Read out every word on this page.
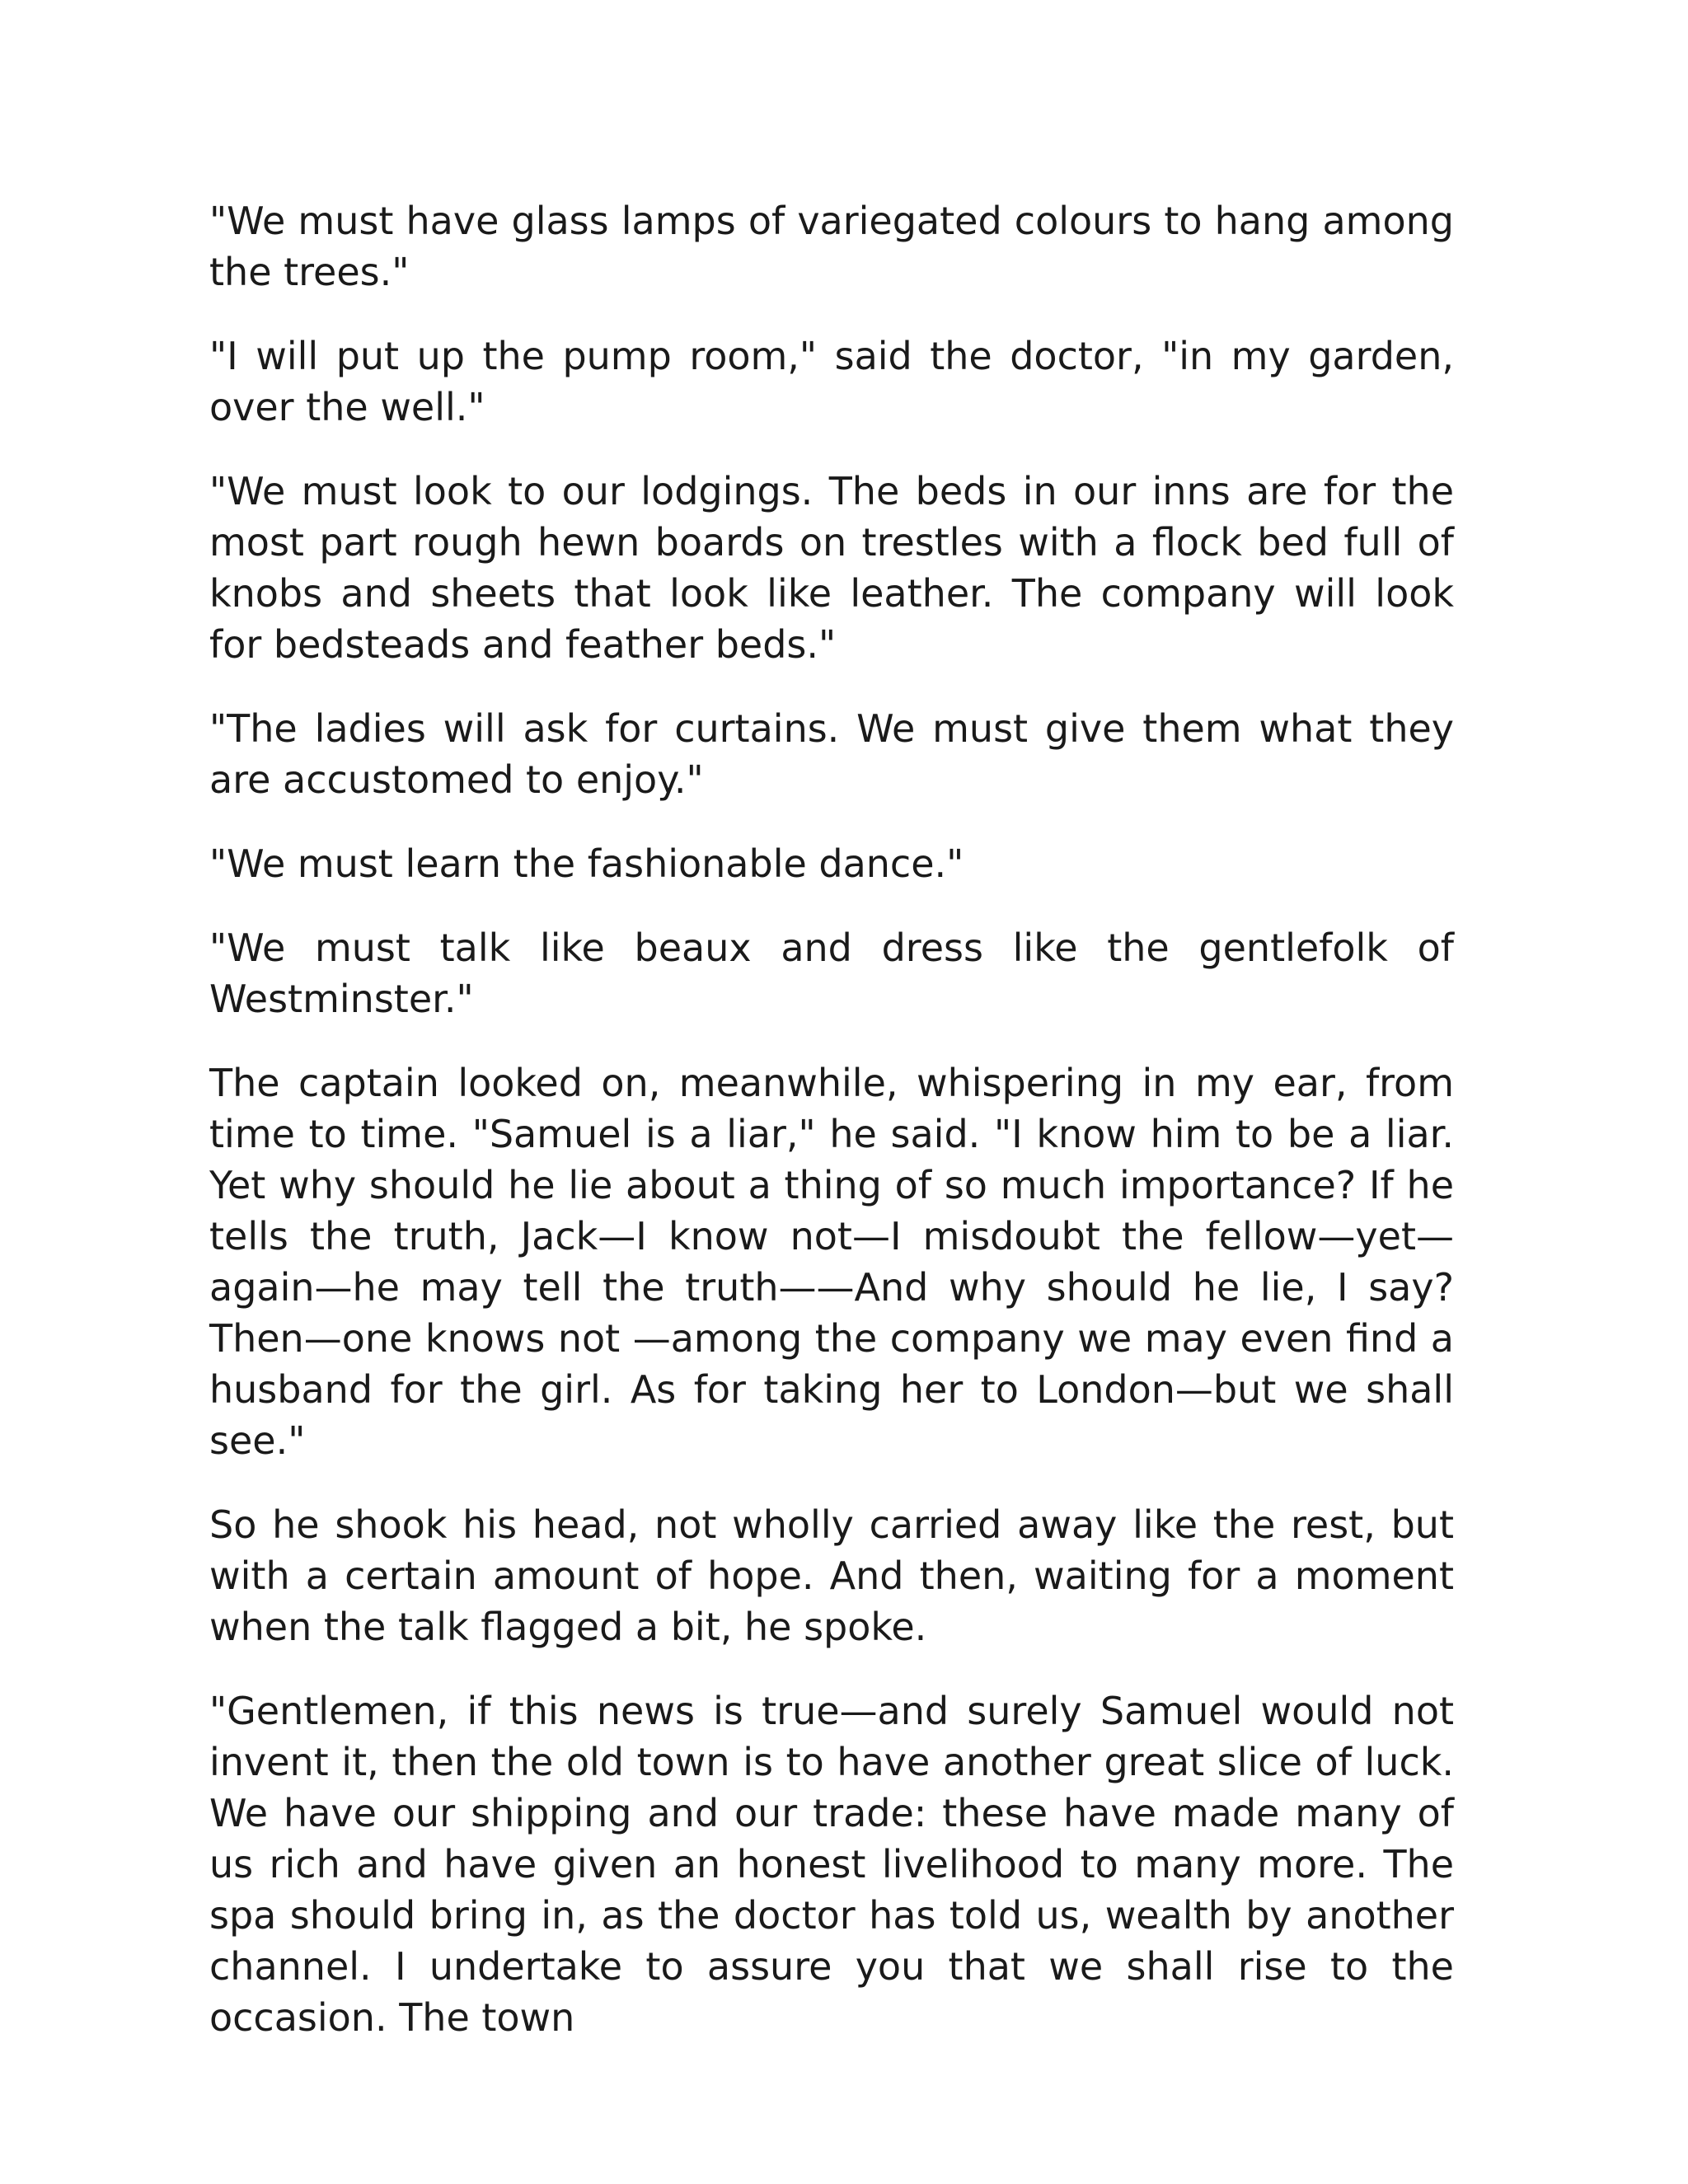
"We must have glass lamps of variegated colours to hang among the trees."

"I will put up the pump room," said the doctor, "in my garden, over the well."

"We must look to our lodgings. The beds in our inns are for the most part rough hewn boards on trestles with a flock bed full of knobs and sheets that look like leather. The company will look for bedsteads and feather beds."

"The ladies will ask for curtains. We must give them what they are accustomed to enjoy."

"We must learn the fashionable dance."

"We must talk like beaux and dress like the gentlefolk of Westminster."

The captain looked on, meanwhile, whispering in my ear, from time to time. "Samuel is a liar," he said. "I know him to be a liar. Yet why should he lie about a thing of so much importance? If he tells the truth, Jack—I know not—I misdoubt the fellow—yet—again—he may tell the truth——And why should he lie, I say? Then—one knows not —among the company we may even find a husband for the girl. As for taking her to London—but we shall see."

So he shook his head, not wholly carried away like the rest, but with a certain amount of hope. And then, waiting for a moment when the talk flagged a bit, he spoke.

"Gentlemen, if this news is true—and surely Samuel would not invent it, then the old town is to have another great slice of luck. We have our shipping and our trade: these have made many of us rich and have given an honest livelihood to many more. The spa should bring in, as the doctor has told us, wealth by another channel. I undertake to assure you that we shall rise to the occasion. The town
